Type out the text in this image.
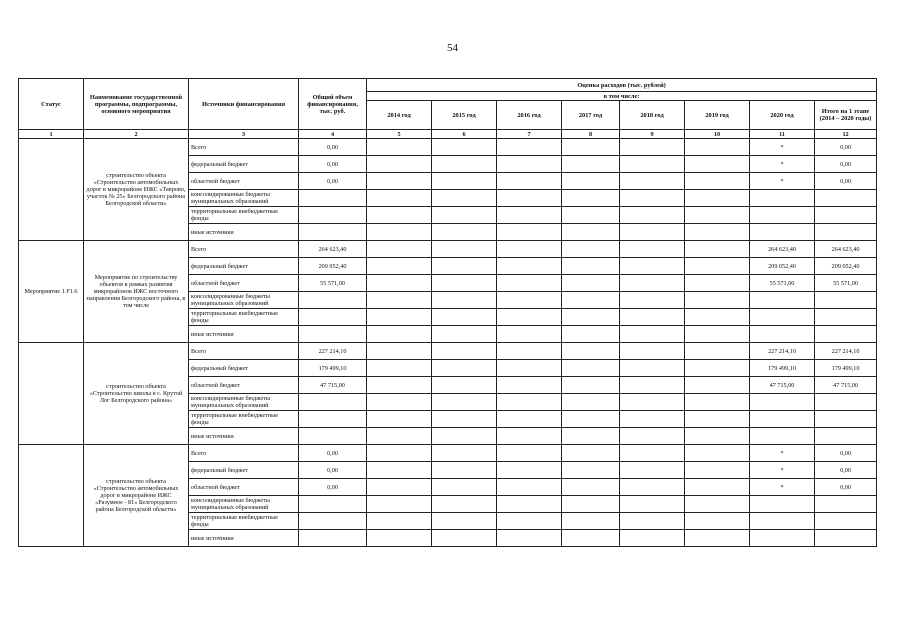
54
Статус	Наименование государственной программы, подпрограммы, основного мероприятия	Источники финансирования	Общий объем финансирования, тыс. руб.	Оценка расходов (тыс. рублей)							
				в том числе:							
				2014 год	2015 год	2016 год	2017 год	2018 год	2019 год	2020 год	Итого на 1 этапе (2014 – 2020 годы)
1	2	3	4	5	6	7	8	9	10	11	12
	строительство объекта «Строительство автомобильных дорог в микрорайоне ИЖС «Таврово, участок № 25» Белгородского района Белгородской области»	Всего	0,00							*	0,00
		федеральный бюджет	0,00							*	0,00
		областной бюджет	0,00							*	0,00
		консолидированные бюджеты муниципальных образований									
		территориальные внебюджетные фонды									
		иные источники									
Мероприятие 1.F1.6	Мероприятие по строительству объектов в рамках развития микрорайонов ИЖС восточного направления Белгородского района, в том числе	Всего	264 623,40							264 623,40	264 623,40
		федеральный бюджет	209 052,40							209 052,40	209 052,40
		областной бюджет	55 571,00							55 571,00	55 571,00
		консолидированные бюджеты муниципальных образований									
		территориальные внебюджетные фонды									
		иные источники									
	строительство объекта «Строительство школы в с. Крутой Лог Белгородского района»	Всего	227 214,10							227 214,10	227 214,10
		федеральный бюджет	179 499,10							179 499,10	179 499,10
		областной бюджет	47 715,00							47 715,00	47 715,00
		консолидированные бюджеты муниципальных образований									
		территориальные внебюджетные фонды									
		иные источники									
	строительство объекта «Строительство автомобильных дорог в микрорайоне ИЖС «Разумное - 81» Белгородского района Белгородской области»	Всего	0,00							*	0,00
		федеральный бюджет	0,00							*	0,00
		областной бюджет	0,00							*	0,00
		консолидированные бюджеты муниципальных образований									
		территориальные внебюджетные фонды									
		иные источники									
